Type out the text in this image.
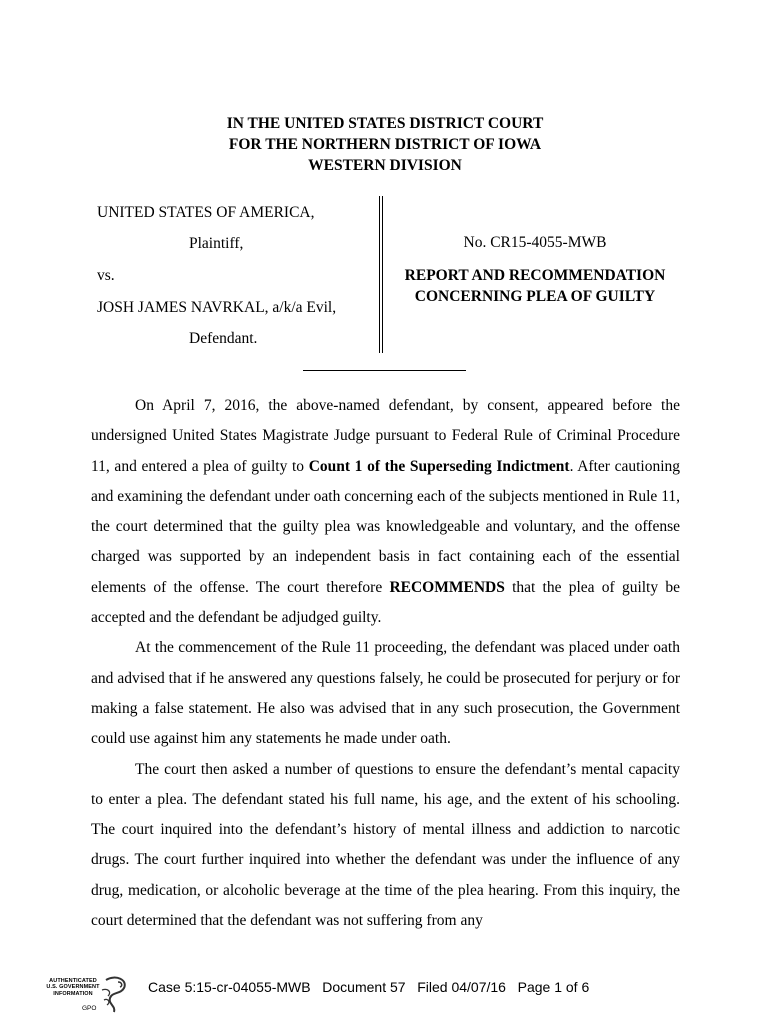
IN THE UNITED STATES DISTRICT COURT
FOR THE NORTHERN DISTRICT OF IOWA
WESTERN DIVISION
UNITED STATES OF AMERICA,
Plaintiff,
vs.
JOSH JAMES NAVRKAL, a/k/a Evil,
Defendant.
No. CR15-4055-MWB
REPORT AND RECOMMENDATION
CONCERNING PLEA OF GUILTY

On April 7, 2016, the above-named defendant, by consent, appeared before the undersigned United States Magistrate Judge pursuant to Federal Rule of Criminal Procedure 11, and entered a plea of guilty to Count 1 of the Superseding Indictment. After cautioning and examining the defendant under oath concerning each of the subjects mentioned in Rule 11, the court determined that the guilty plea was knowledgeable and voluntary, and the offense charged was supported by an independent basis in fact containing each of the essential elements of the offense. The court therefore RECOMMENDS that the plea of guilty be accepted and the defendant be adjudged guilty.

At the commencement of the Rule 11 proceeding, the defendant was placed under oath and advised that if he answered any questions falsely, he could be prosecuted for perjury or for making a false statement. He also was advised that in any such prosecution, the Government could use against him any statements he made under oath.

The court then asked a number of questions to ensure the defendant’s mental capacity to enter a plea. The defendant stated his full name, his age, and the extent of his schooling. The court inquired into the defendant’s history of mental illness and addiction to narcotic drugs. The court further inquired into whether the defendant was under the influence of any drug, medication, or alcoholic beverage at the time of the plea hearing. From this inquiry, the court determined that the defendant was not suffering from any

AUTHENTICATED
U.S. GOVERNMENT
INFORMATION
GPO
Case 5:15-cr-04055-MWB   Document 57   Filed 04/07/16   Page 1 of 6
